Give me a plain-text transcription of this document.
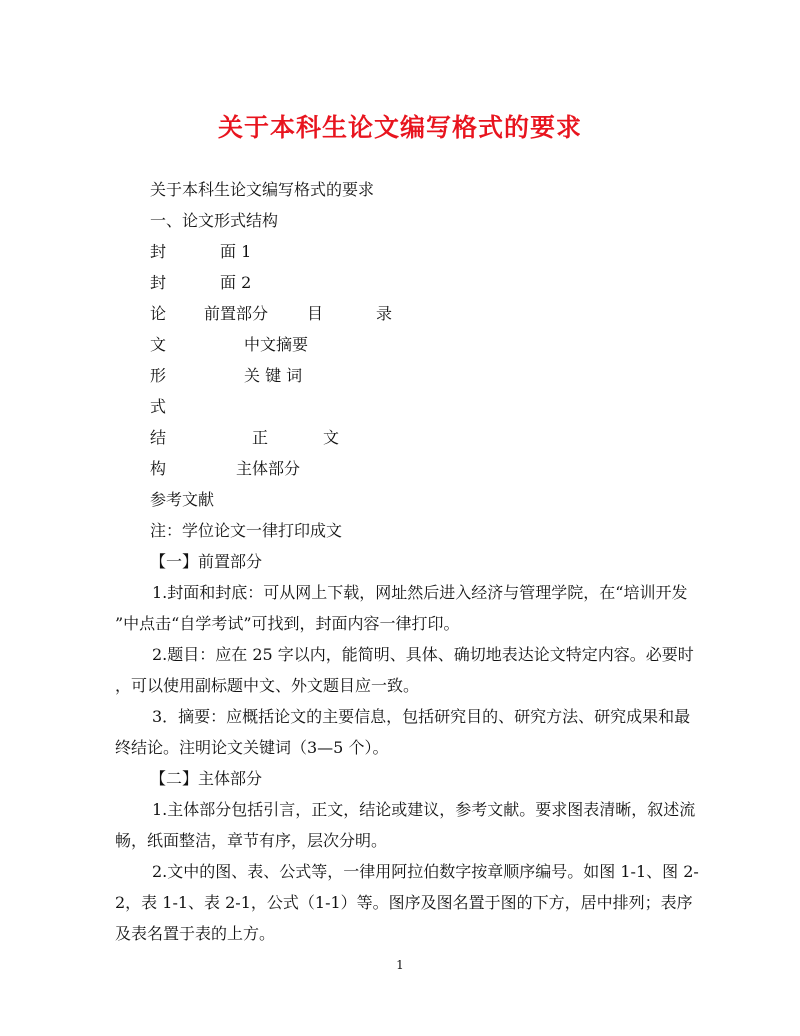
关于本科生论文编写格式的要求
关于本科生论文编写格式的要求
一、论文形式结构
封	面 1
封	面 2
论 前置部分 目	录
文	中文摘要
形	关 键 词
式
结	正	文
构	主体部分
参考文献
注：学位论文一律打印成文
【一】前置部分
1.封面和封底：可从网上下载，网址然后进入经济与管理学院，在“培训开发
”中点击“自学考试”可找到，封面内容一律打印。
2.题目：应在 25 字以内，能简明、具体、确切地表达论文特定内容。必要时
，可以使用副标题中文、外文题目应一致。
3．摘要：应概括论文的主要信息，包括研究目的、研究方法、研究成果和最
终结论。注明论文关键词（3—5 个）。
【二】主体部分
1.主体部分包括引言，正文，结论或建议，参考文献。要求图表清晰，叙述流
畅，纸面整洁，章节有序，层次分明。
2.文中的图、表、公式等，一律用阿拉伯数字按章顺序编号。如图 1-1、图 2-
2，表 1-1、表 2-1，公式（1-1）等。图序及图名置于图的下方，居中排列；表序
及表名置于表的上方。
1
